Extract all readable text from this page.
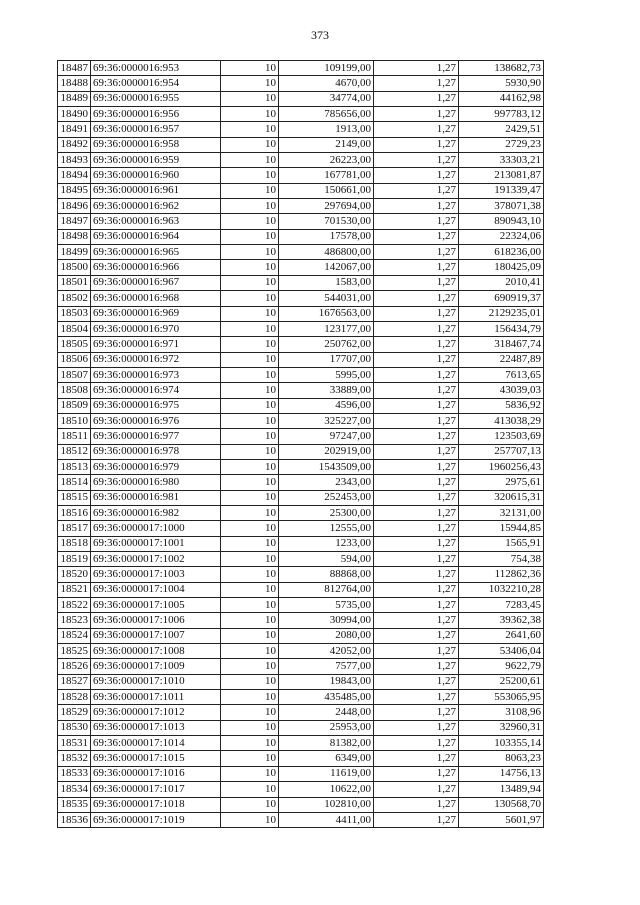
373
18487	69:36:0000016:953	10	109199,00	1,27	138682,73
18488	69:36:0000016:954	10	4670,00	1,27	5930,90
18489	69:36:0000016:955	10	34774,00	1,27	44162,98
18490	69:36:0000016:956	10	785656,00	1,27	997783,12
18491	69:36:0000016:957	10	1913,00	1,27	2429,51
18492	69:36:0000016:958	10	2149,00	1,27	2729,23
18493	69:36:0000016:959	10	26223,00	1,27	33303,21
18494	69:36:0000016:960	10	167781,00	1,27	213081,87
18495	69:36:0000016:961	10	150661,00	1,27	191339,47
18496	69:36:0000016:962	10	297694,00	1,27	378071,38
18497	69:36:0000016:963	10	701530,00	1,27	890943,10
18498	69:36:0000016:964	10	17578,00	1,27	22324,06
18499	69:36:0000016:965	10	486800,00	1,27	618236,00
18500	69:36:0000016:966	10	142067,00	1,27	180425,09
18501	69:36:0000016:967	10	1583,00	1,27	2010,41
18502	69:36:0000016:968	10	544031,00	1,27	690919,37
18503	69:36:0000016:969	10	1676563,00	1,27	2129235,01
18504	69:36:0000016:970	10	123177,00	1,27	156434,79
18505	69:36:0000016:971	10	250762,00	1,27	318467,74
18506	69:36:0000016:972	10	17707,00	1,27	22487,89
18507	69:36:0000016:973	10	5995,00	1,27	7613,65
18508	69:36:0000016:974	10	33889,00	1,27	43039,03
18509	69:36:0000016:975	10	4596,00	1,27	5836,92
18510	69:36:0000016:976	10	325227,00	1,27	413038,29
18511	69:36:0000016:977	10	97247,00	1,27	123503,69
18512	69:36:0000016:978	10	202919,00	1,27	257707,13
18513	69:36:0000016:979	10	1543509,00	1,27	1960256,43
18514	69:36:0000016:980	10	2343,00	1,27	2975,61
18515	69:36:0000016:981	10	252453,00	1,27	320615,31
18516	69:36:0000016:982	10	25300,00	1,27	32131,00
18517	69:36:0000017:1000	10	12555,00	1,27	15944,85
18518	69:36:0000017:1001	10	1233,00	1,27	1565,91
18519	69:36:0000017:1002	10	594,00	1,27	754,38
18520	69:36:0000017:1003	10	88868,00	1,27	112862,36
18521	69:36:0000017:1004	10	812764,00	1,27	1032210,28
18522	69:36:0000017:1005	10	5735,00	1,27	7283,45
18523	69:36:0000017:1006	10	30994,00	1,27	39362,38
18524	69:36:0000017:1007	10	2080,00	1,27	2641,60
18525	69:36:0000017:1008	10	42052,00	1,27	53406,04
18526	69:36:0000017:1009	10	7577,00	1,27	9622,79
18527	69:36:0000017:1010	10	19843,00	1,27	25200,61
18528	69:36:0000017:1011	10	435485,00	1,27	553065,95
18529	69:36:0000017:1012	10	2448,00	1,27	3108,96
18530	69:36:0000017:1013	10	25953,00	1,27	32960,31
18531	69:36:0000017:1014	10	81382,00	1,27	103355,14
18532	69:36:0000017:1015	10	6349,00	1,27	8063,23
18533	69:36:0000017:1016	10	11619,00	1,27	14756,13
18534	69:36:0000017:1017	10	10622,00	1,27	13489,94
18535	69:36:0000017:1018	10	102810,00	1,27	130568,70
18536	69:36:0000017:1019	10	4411,00	1,27	5601,97
